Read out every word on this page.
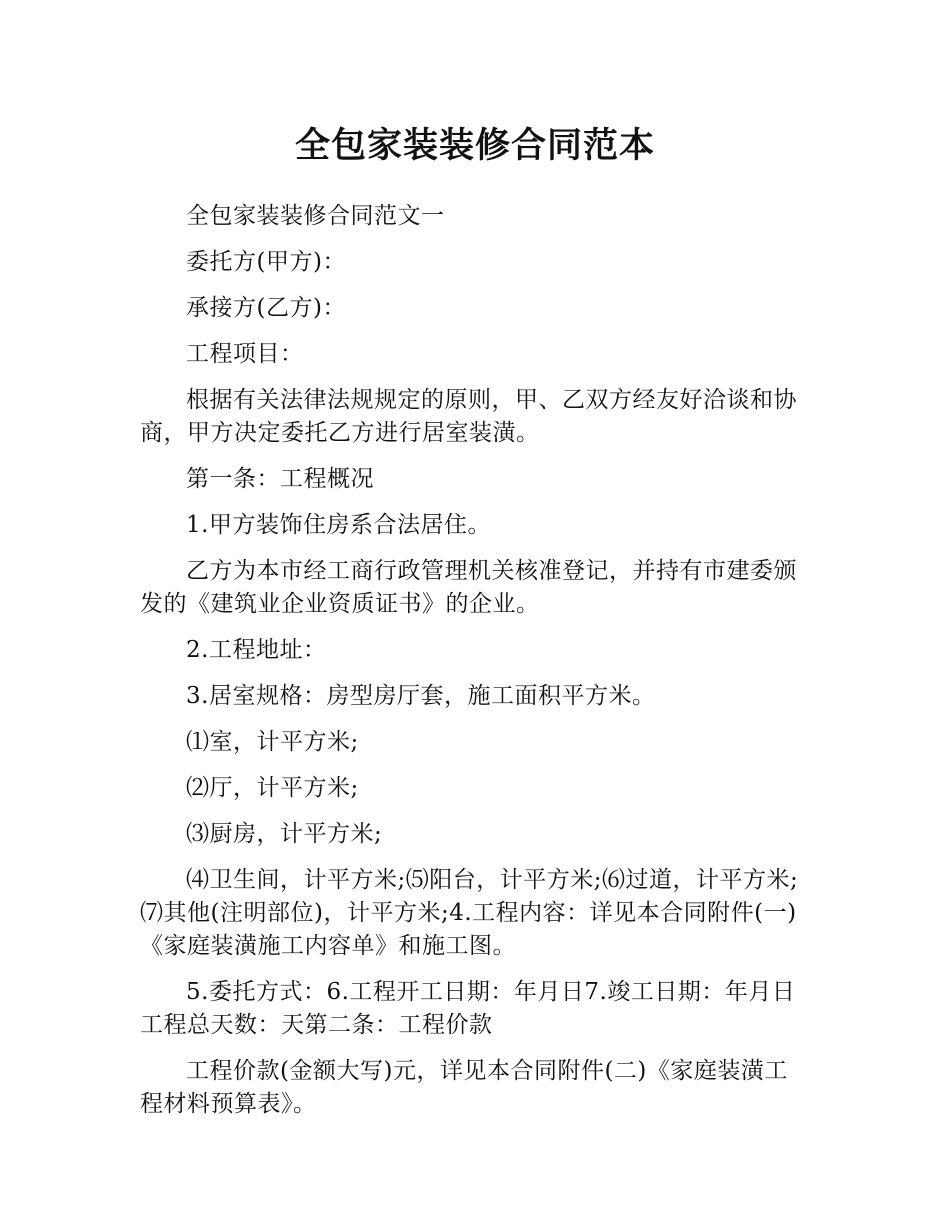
全包家装装修合同范本

全包家装装修合同范文一

委托方(甲方)：

承接方(乙方)：

工程项目：

根据有关法律法规规定的原则，甲、乙双方经友好洽谈和协商，甲方决定委托乙方进行居室装潢。

第一条：工程概况

1.甲方装饰住房系合法居住。

乙方为本市经工商行政管理机关核准登记，并持有市建委颁发的《建筑业企业资质证书》的企业。

2.工程地址：

3.居室规格：房型房厅套，施工面积平方米。

⑴室，计平方米;

⑵厅，计平方米;

⑶厨房，计平方米;

⑷卫生间，计平方米;⑸阳台，计平方米;⑹过道，计平方米;⑺其他(注明部位)，计平方米;4.工程内容：详见本合同附件(一)《家庭装潢施工内容单》和施工图。

5.委托方式：6.工程开工日期：年月日7.竣工日期：年月日工程总天数：天第二条：工程价款

工程价款(金额大写)元，详见本合同附件(二)《家庭装潢工程材料预算表》。
